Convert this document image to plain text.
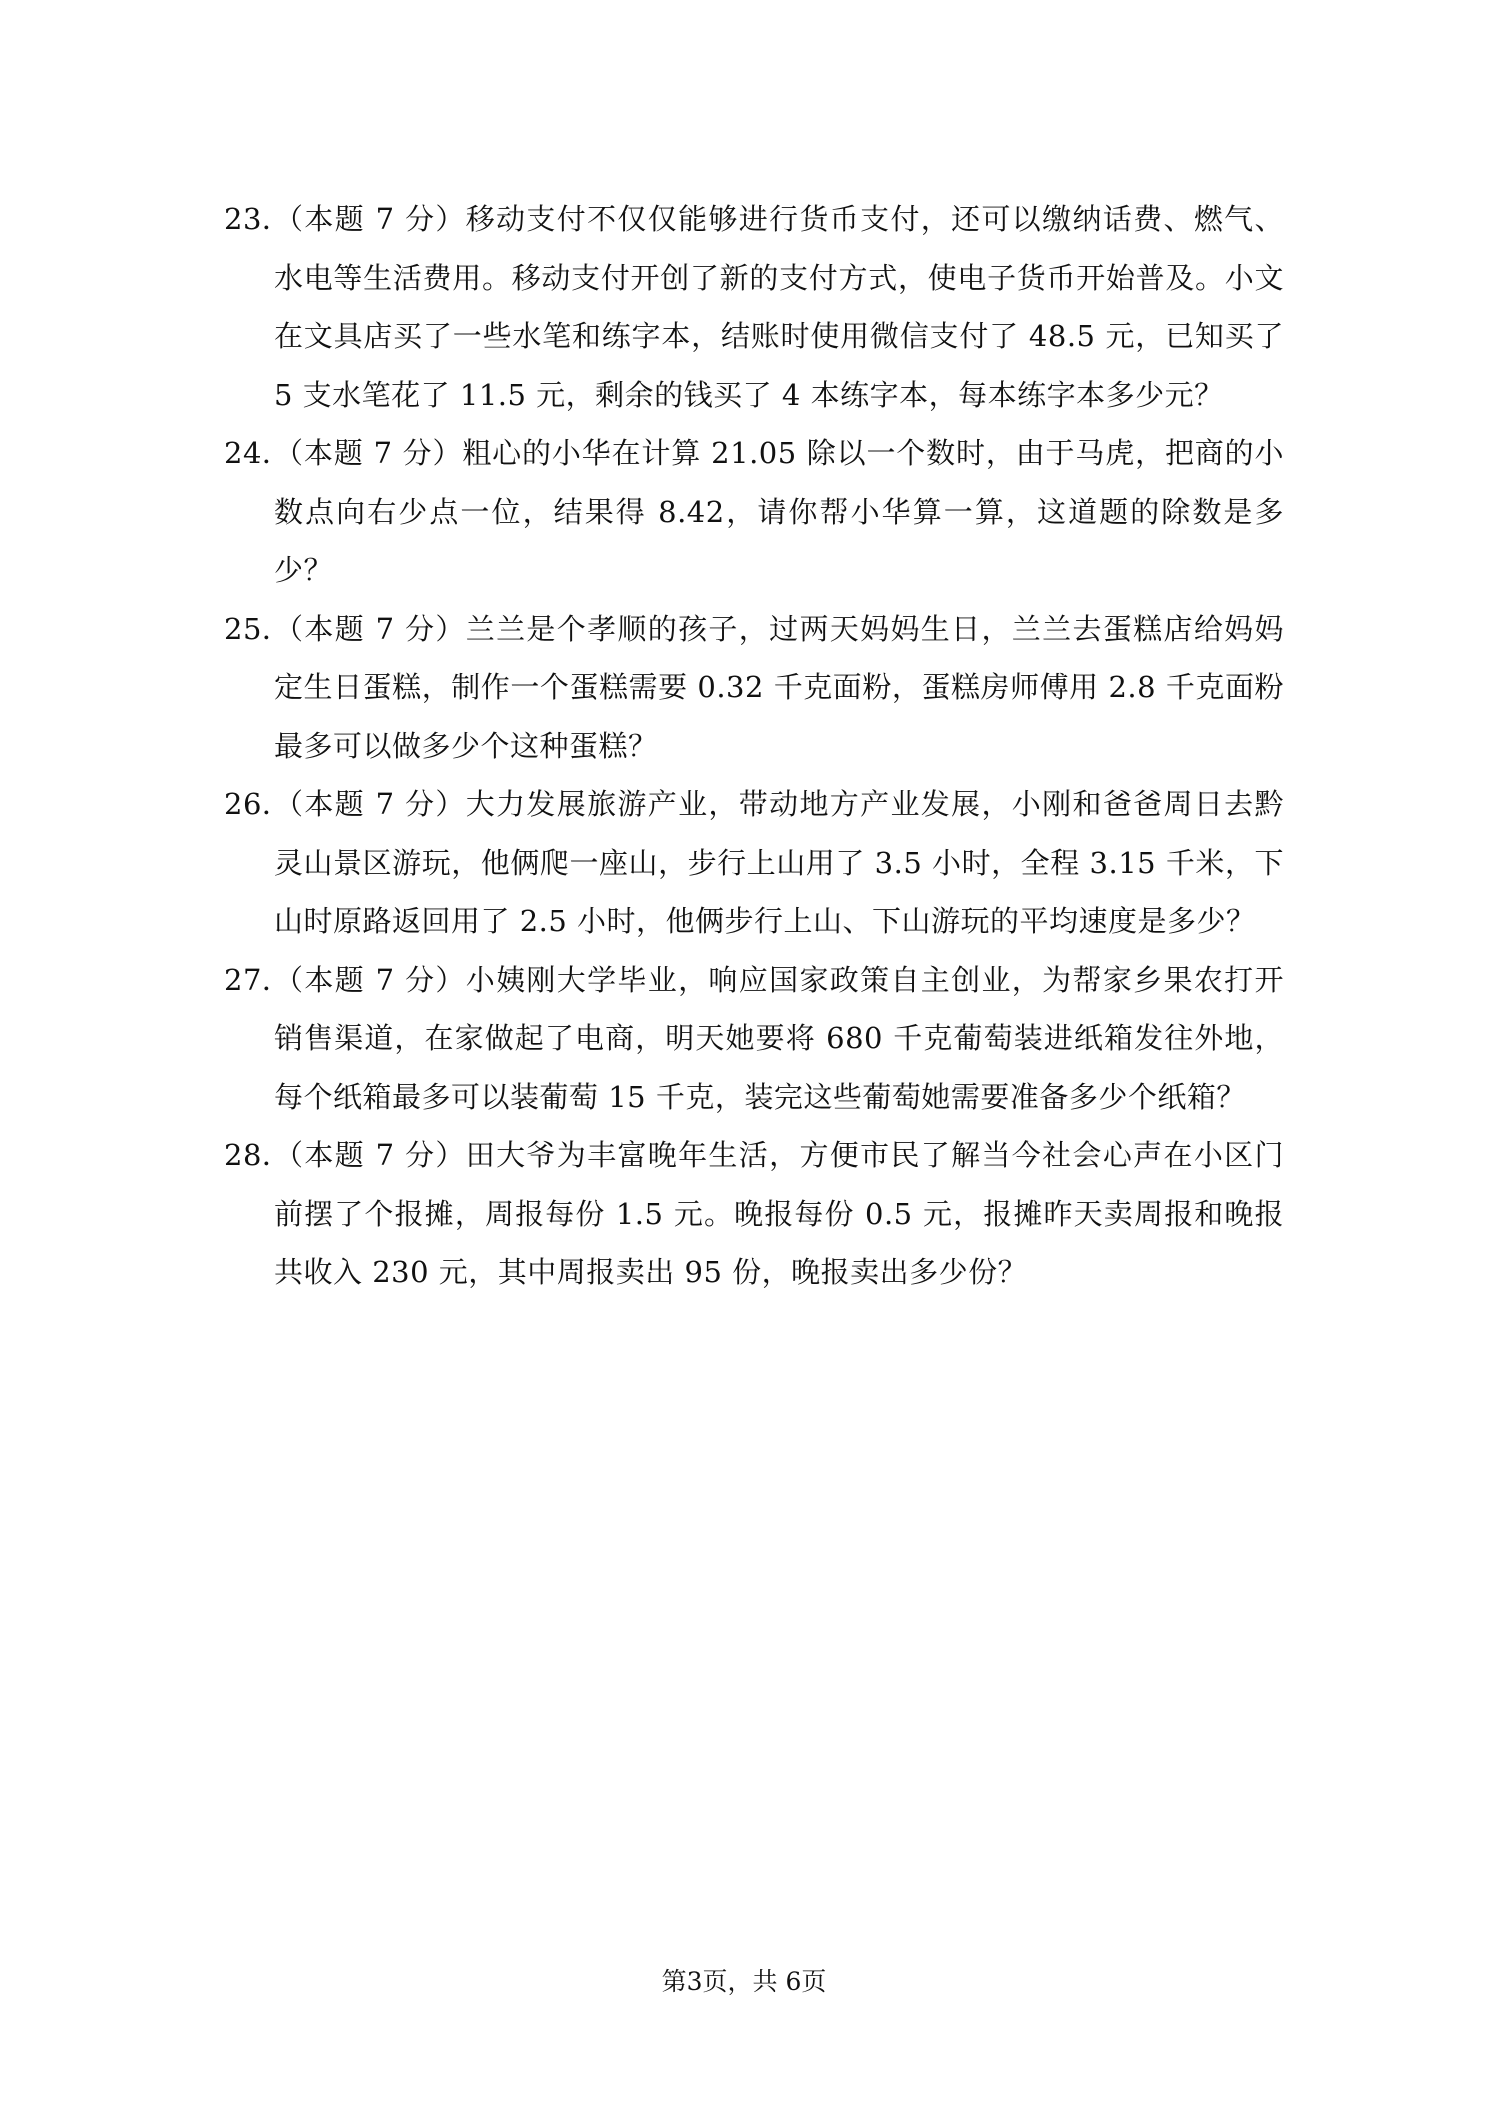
23．
（本题 7 分）移动支付不仅仅能够进行货币支付，还可以缴纳话费、燃气、水电等生活费用。移动支付开创了新的支付方式，使电子货币开始普及。小文在文具店买了一些水笔和练字本，结账时使用微信支付了 48.5 元，已知买了 5 支水笔花了 11.5 元，剩余的钱买了 4 本练字本，每本练字本多少元？
24．
（本题 7 分）粗心的小华在计算 21.05 除以一个数时，由于马虎，把商的小数点向右少点一位，结果得 8.42，请你帮小华算一算，这道题的除数是多少？
25．
（本题 7 分）兰兰是个孝顺的孩子，过两天妈妈生日，兰兰去蛋糕店给妈妈定生日蛋糕，制作一个蛋糕需要 0.32 千克面粉，蛋糕房师傅用 2.8 千克面粉最多可以做多少个这种蛋糕？
26．
（本题 7 分）大力发展旅游产业，带动地方产业发展，小刚和爸爸周日去黔灵山景区游玩，他俩爬一座山，步行上山用了 3.5 小时，全程 3.15 千米，下山时原路返回用了 2.5 小时，他俩步行上山、下山游玩的平均速度是多少？
27．
（本题 7 分）小姨刚大学毕业，响应国家政策自主创业，为帮家乡果农打开销售渠道，在家做起了电商，明天她要将 680 千克葡萄装进纸箱发往外地，每个纸箱最多可以装葡萄 15 千克，装完这些葡萄她需要准备多少个纸箱？
28．
（本题 7 分）田大爷为丰富晚年生活，方便市民了解当今社会心声在小区门前摆了个报摊，周报每份 1.5 元。晚报每份 0.5 元，报摊昨天卖周报和晚报共收入 230 元，其中周报卖出 95 份，晚报卖出多少份？
第3页，共 6页
